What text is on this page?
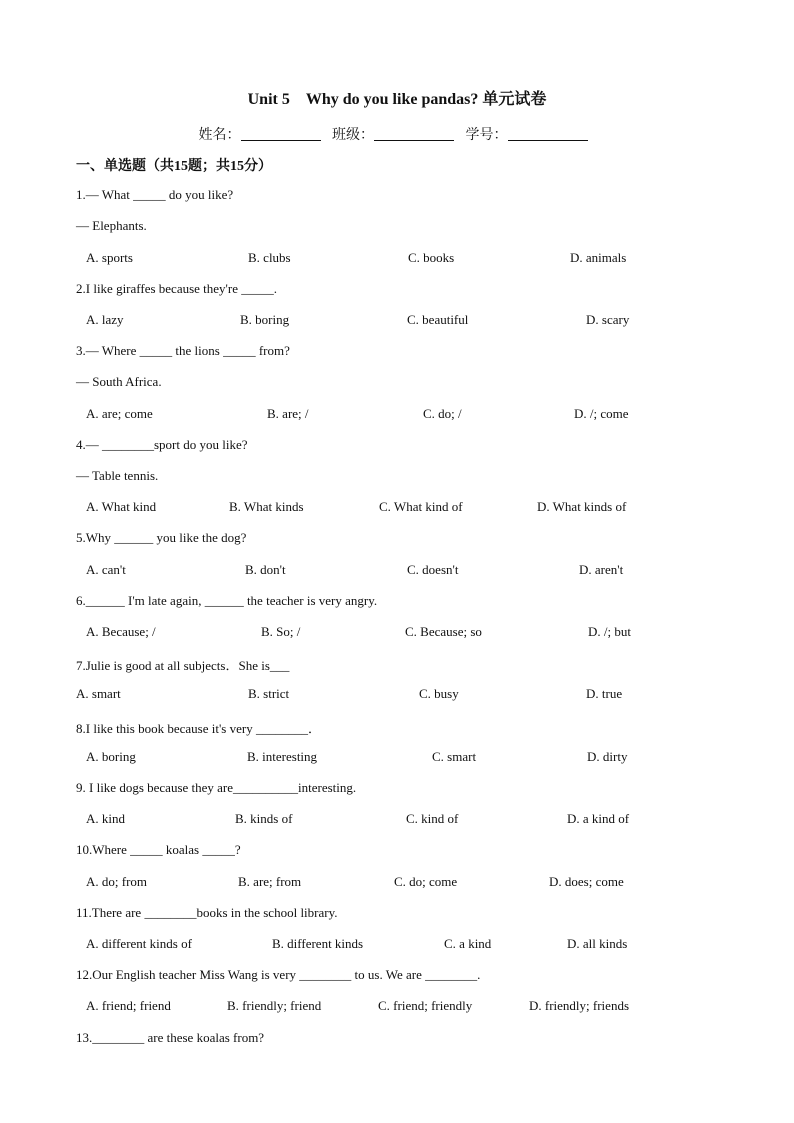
Unit 5　Why do you like pandas? 单元试卷
姓名：	班级：	学号：
一、单选题（共15题；共15分）
1.— What _____ do you like?
— Elephants.
A. sports	B. clubs	C. books	D. animals
2.I like giraffes because they're _____.
A. lazy	B. boring	C. beautiful	D. scary
3.— Where _____ the lions _____ from?
— South Africa.
A. are; come	B. are; /	C. do; /	D. /; come
4.— ________sport do you like?
— Table tennis.
A. What kind	B. What kinds	C. What kind of	D. What kinds of
5.Why ______ you like the dog?
A. can't	B. don't	C. doesn't	D. aren't
6.______ I'm late again, ______ the teacher is very angry.
A. Because; /	B. So; /	C. Because; so	D. /; but
7.Julie is good at all subjects．She is___
A. smart	B. strict	C. busy	D. true
8.I like this book because it's very ________．
A. boring	B. interesting	C. smart	D. dirty
9. I like dogs because they are__________interesting.
A. kind	B. kinds of	C. kind of	D. a kind of
10.Where _____ koalas _____?
A. do; from	B. are; from	C. do; come	D. does; come
11.There are ________books in the school library.
A. different kinds of	B. different kinds	C. a kind	D. all kinds
12.Our English teacher Miss Wang is very ________ to us. We are ________.
A. friend; friend	B. friendly; friend	C. friend; friendly	D. friendly; friends
13.________ are these koalas from?
